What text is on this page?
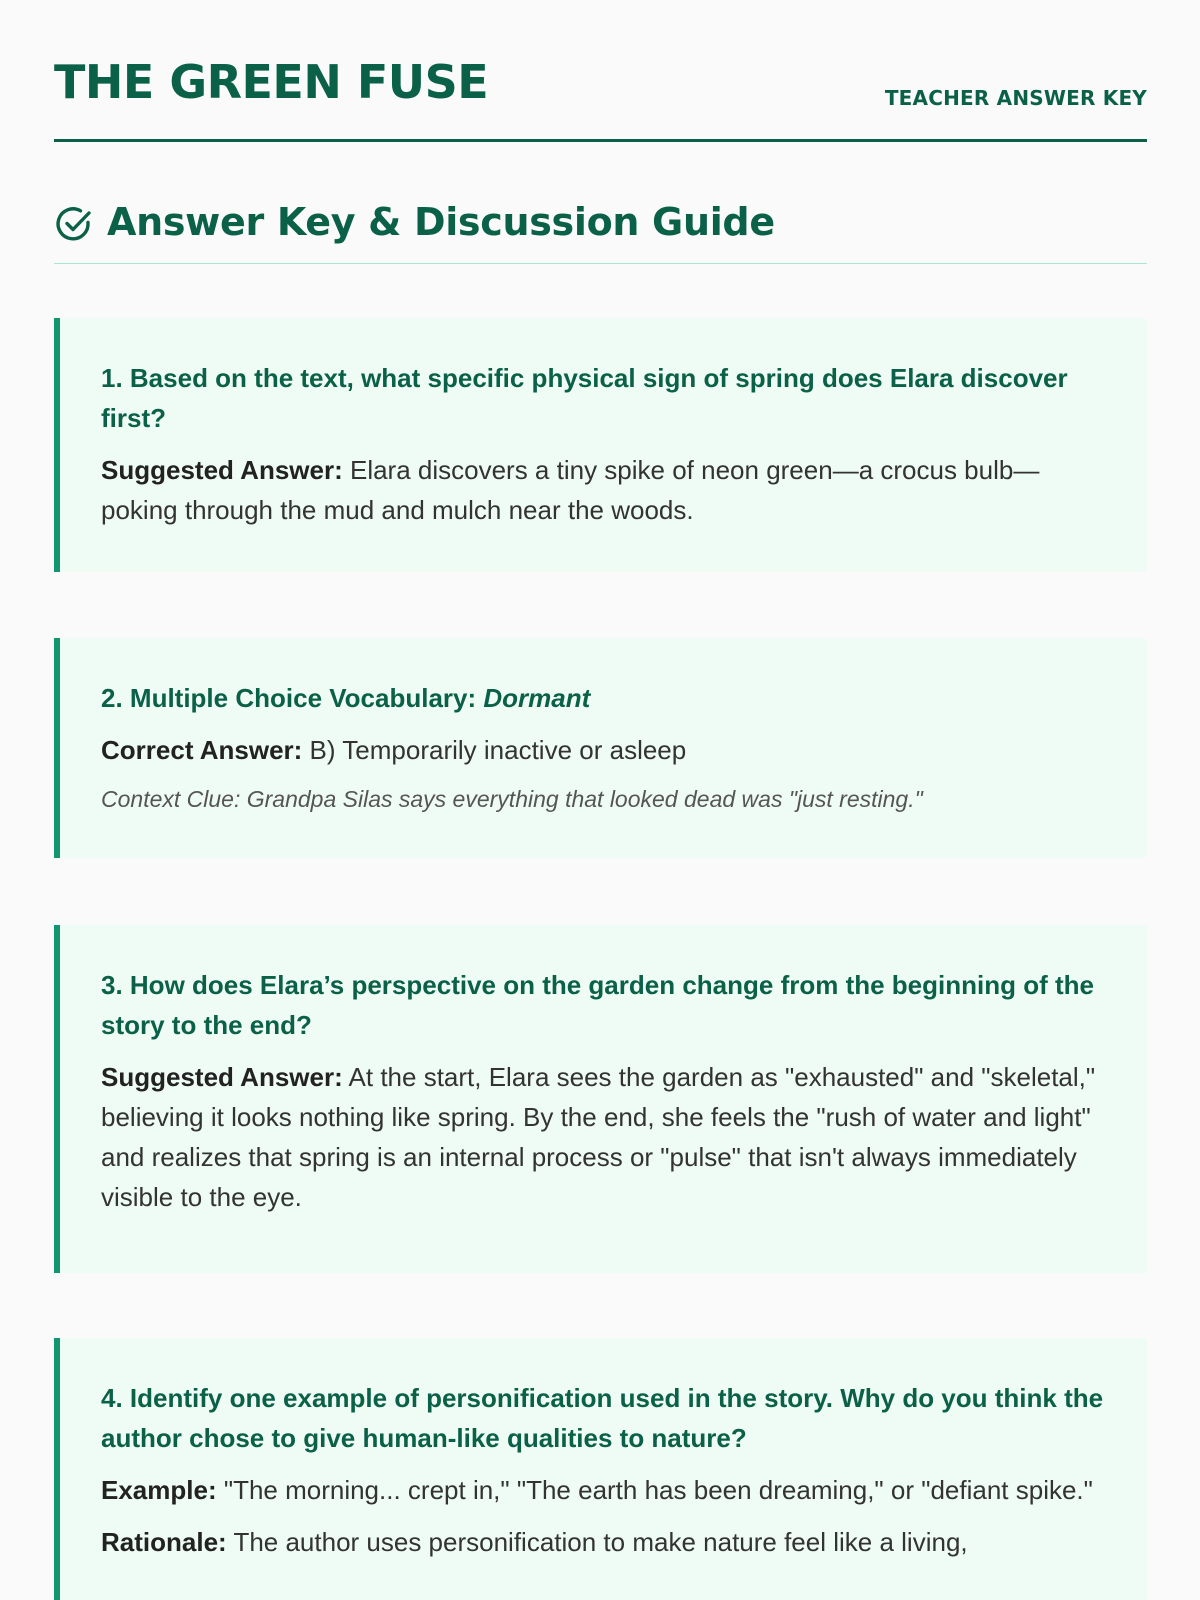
THE GREEN FUSE	TEACHER ANSWER KEY
Answer Key & Discussion Guide

1. Based on the text, what specific physical sign of spring does Elara discover first?

Suggested Answer: Elara discovers a tiny spike of neon green—a crocus bulb—poking through the mud and mulch near the woods.

2. Multiple Choice Vocabulary: Dormant

Correct Answer: B) Temporarily inactive or asleep

Context Clue: Grandpa Silas says everything that looked dead was "just resting."

3. How does Elara’s perspective on the garden change from the beginning of the story to the end?

Suggested Answer: At the start, Elara sees the garden as "exhausted" and "skeletal," believing it looks nothing like spring. By the end, she feels the "rush of water and light" and realizes that spring is an internal process or "pulse" that isn't always immediately visible to the eye.

4. Identify one example of personification used in the story. Why do you think the author chose to give human-like qualities to nature?

Example: "The morning... crept in," "The earth has been dreaming," or "defiant spike."

Rationale: The author uses personification to make nature feel like a living,
